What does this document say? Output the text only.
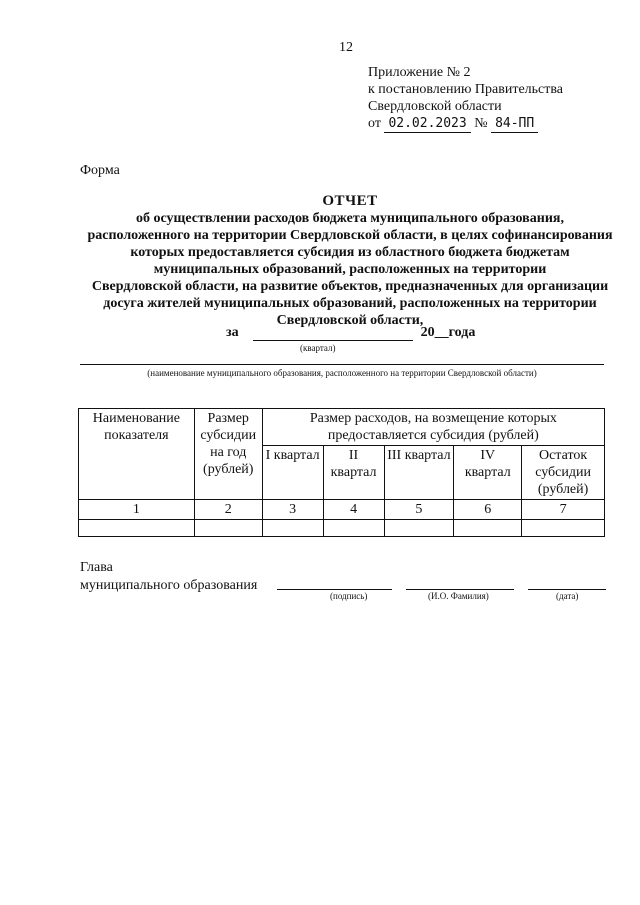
12
Приложение № 2
к постановлению Правительства
Свердловской области
от 02.02.2023 № 84-ПП
Форма
ОТЧЕТ
об осуществлении расходов бюджета муниципального образования,
расположенного на территории Свердловской области, в целях софинансирования
которых предоставляется субсидия из областного бюджета бюджетам
муниципальных образований, расположенных на территории
Свердловской области, на развитие объектов, предназначенных для организации
досуга жителей муниципальных образований, расположенных на территории
Свердловской области,
за	20__года
(квартал)
(наименование муниципального образования, расположенного на территории Свердловской области)
Наименование показателя	Размер субсидии на год (рублей)	Размер расходов, на возмещение которых предоставляется субсидия (рублей)				
		I квартал	II квартал	III квартал	IV квартал	Остаток субсидии (рублей)
1	2	3	4	5	6	7

Глава
муниципального образования
(подпись)	(И.О. Фамилия)	(дата)
